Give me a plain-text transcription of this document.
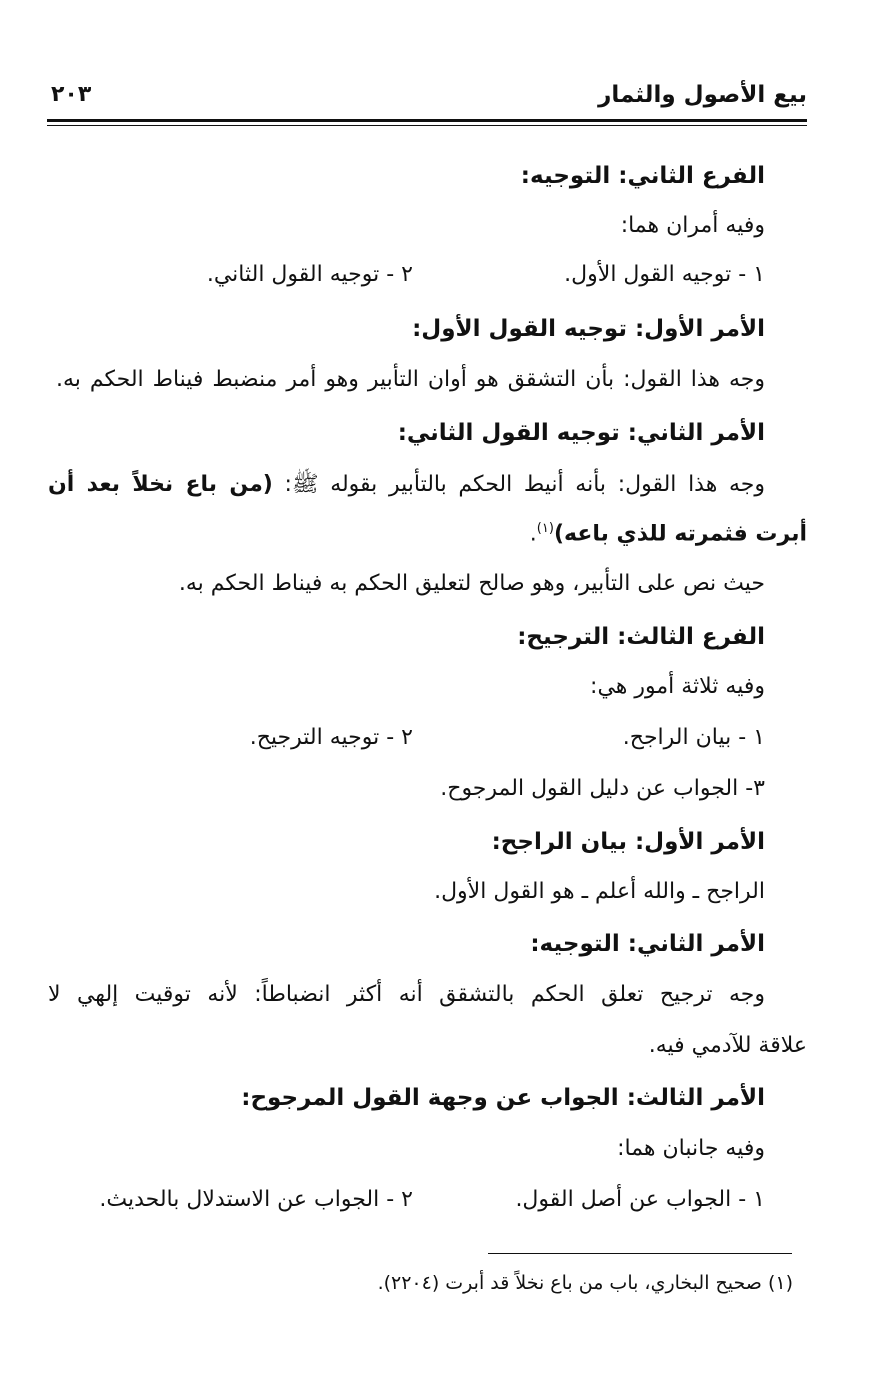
بيع الأصول والثمار
٢٠٣
الفرع الثاني: التوجيه:
وفيه أمران هما:
١ - توجيه القول الأول.
٢ - توجيه القول الثاني.
الأمر الأول: توجيه القول الأول:
وجه هذا القول: بأن التشقق هو أوان التأبير وهو أمر منضبط فيناط الحكم به.
الأمر الثاني: توجيه القول الثاني:
وجه هذا القول: بأنه أنيط الحكم بالتأبير بقوله ﷺ: (من باع نخلاً بعد أن
أبرت فثمرته للذي باعه)$^{(١)}$.
حيث نص على التأبير، وهو صالح لتعليق الحكم به فيناط الحكم به.
الفرع الثالث: الترجيح:
وفيه ثلاثة أمور هي:
١ - بيان الراجح.
٢ - توجيه الترجيح.
٣- الجواب عن دليل القول المرجوح.
الأمر الأول: بيان الراجح:
الراجح ـ والله أعلم ـ هو القول الأول.
الأمر الثاني: التوجيه:
وجه ترجيح تعلق الحكم بالتشقق أنه أكثر انضباطاً: لأنه توقيت إلهي لا
علاقة للآدمي فيه.
الأمر الثالث: الجواب عن وجهة القول المرجوح:
وفيه جانبان هما:
١ - الجواب عن أصل القول.
٢ - الجواب عن الاستدلال بالحديث.
(١) صحيح البخاري، باب من باع نخلاً قد أبرت (٢٢٠٤).
